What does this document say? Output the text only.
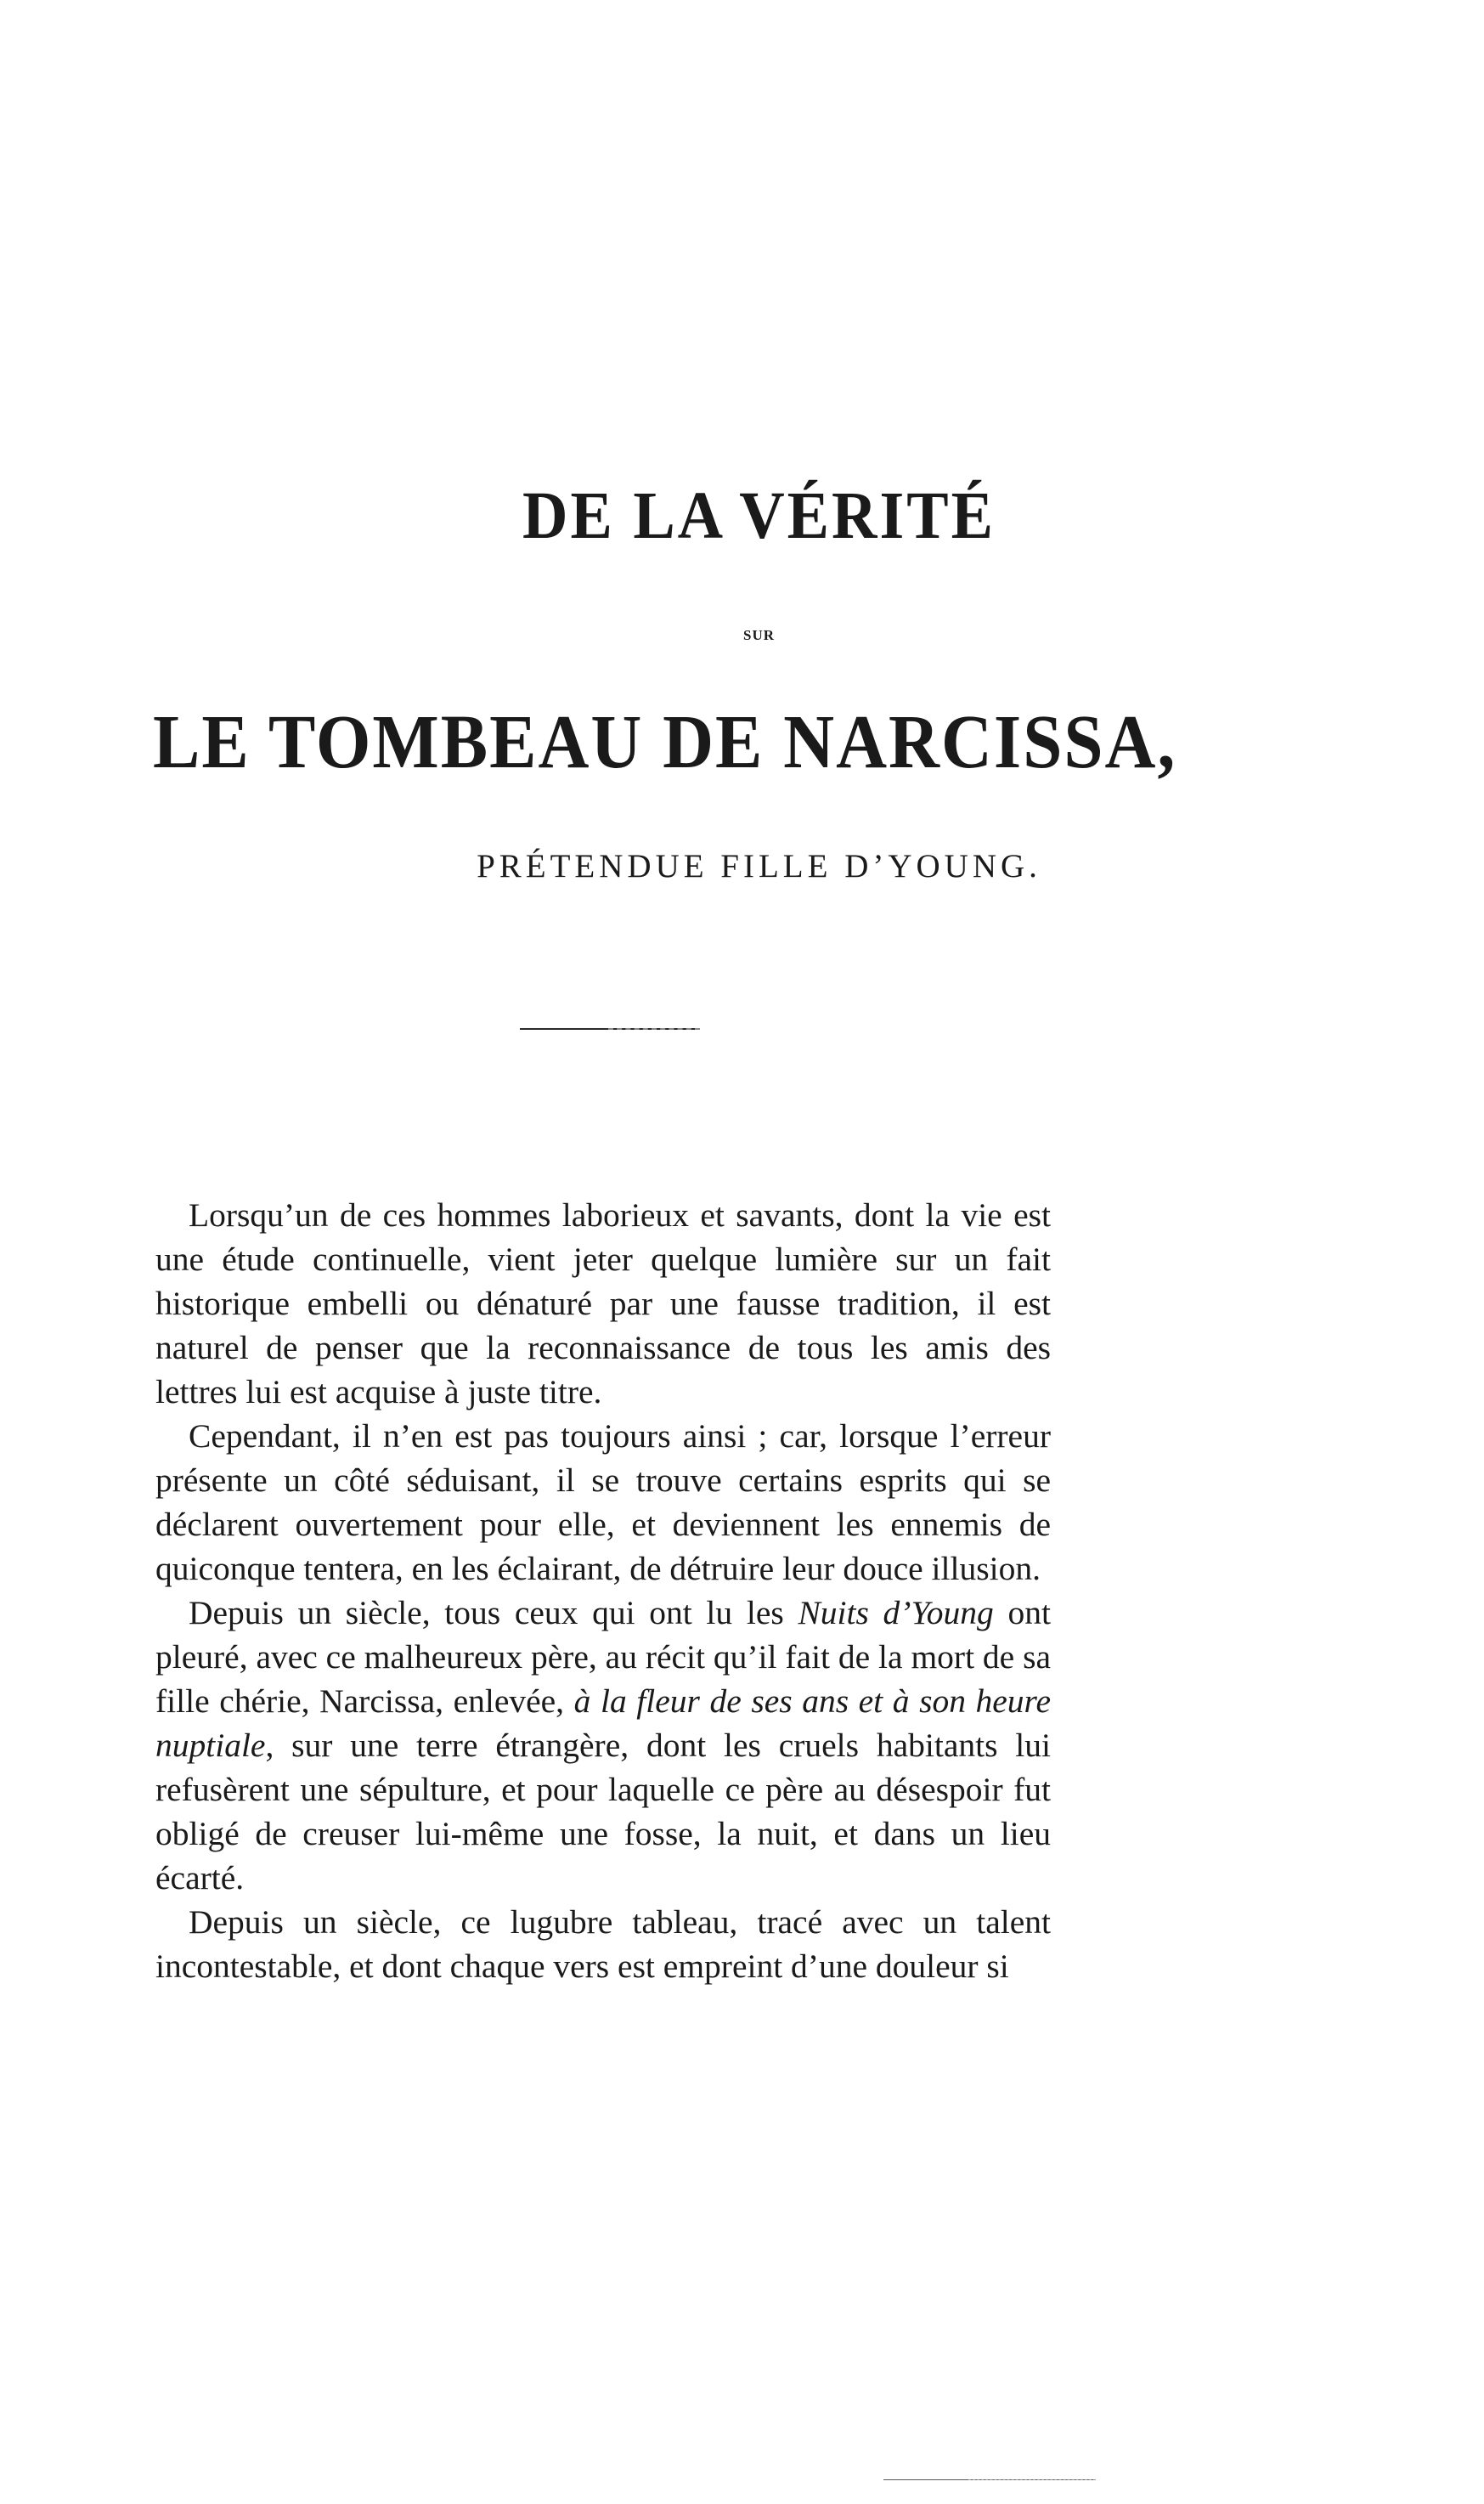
DE LA VÉRITÉ
SUR
LE TOMBEAU DE NARCISSA,
PRÉTENDUE FILLE D’YOUNG.

Lorsqu’un de ces hommes laborieux et savants, dont la vie est une étude continuelle, vient jeter quelque lumière sur un fait historique embelli ou dénaturé par une fausse tradition, il est naturel de penser que la reconnaissance de tous les amis des lettres lui est acquise à juste titre.

Cependant, il n’en est pas toujours ainsi ; car, lorsque l’erreur présente un côté séduisant, il se trouve certains esprits qui se déclarent ouvertement pour elle, et deviennent les ennemis de quiconque tentera, en les éclairant, de détruire leur douce illusion.

Depuis un siècle, tous ceux qui ont lu les Nuits d’Young ont pleuré, avec ce malheureux père, au récit qu’il fait de la mort de sa fille chérie, Narcissa, enlevée, à la fleur de ses ans et à son heure nuptiale, sur une terre étrangère, dont les cruels habitants lui refusèrent une sépulture, et pour laquelle ce père au désespoir fut obligé de creuser lui-même une fosse, la nuit, et dans un lieu écarté.

Depuis un siècle, ce lugubre tableau, tracé avec un talent incontestable, et dont chaque vers est empreint d’une douleur si
